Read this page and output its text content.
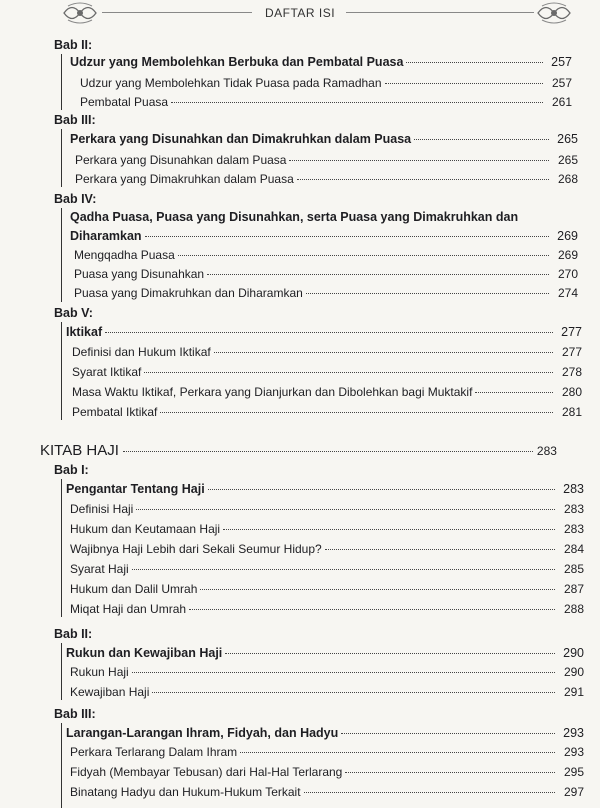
DAFTAR ISI
Bab II:
Udzur yang Membolehkan Berbuka dan Pembatal Puasa	257
Udzur yang Membolehkan Tidak Puasa pada Ramadhan	257
Pembatal Puasa	261
Bab III:
Perkara yang Disunahkan dan Dimakruhkan dalam Puasa	265
Perkara yang Disunahkan dalam Puasa	265
Perkara yang Dimakruhkan dalam Puasa	268
Bab IV:
Qadha Puasa, Puasa yang Disunahkan, serta Puasa yang Dimakruhkan dan
Diharamkan	269
Mengqadha Puasa	269
Puasa yang Disunahkan	270
Puasa yang Dimakruhkan dan Diharamkan	274
Bab V:
Iktikaf	277
Definisi dan Hukum Iktikaf	277
Syarat Iktikaf	278
Masa Waktu Iktikaf, Perkara yang Dianjurkan dan Dibolehkan bagi Muktakif	280
Pembatal Iktikaf	281
KITAB HAJI	283
Bab I:
Pengantar Tentang Haji	283
Definisi Haji	283
Hukum dan Keutamaan Haji	283
Wajibnya Haji Lebih dari Sekali Seumur Hidup?	284
Syarat Haji	285
Hukum dan Dalil Umrah	287
Miqat Haji dan Umrah	288
Bab II:
Rukun dan Kewajiban Haji	290
Rukun Haji	290
Kewajiban Haji	291
Bab III:
Larangan-Larangan Ihram, Fidyah, dan Hadyu	293
Perkara Terlarang Dalam Ihram	293
Fidyah (Membayar Tebusan) dari Hal-Hal Terlarang	295
Binatang Hadyu dan Hukum-Hukum Terkait	297
